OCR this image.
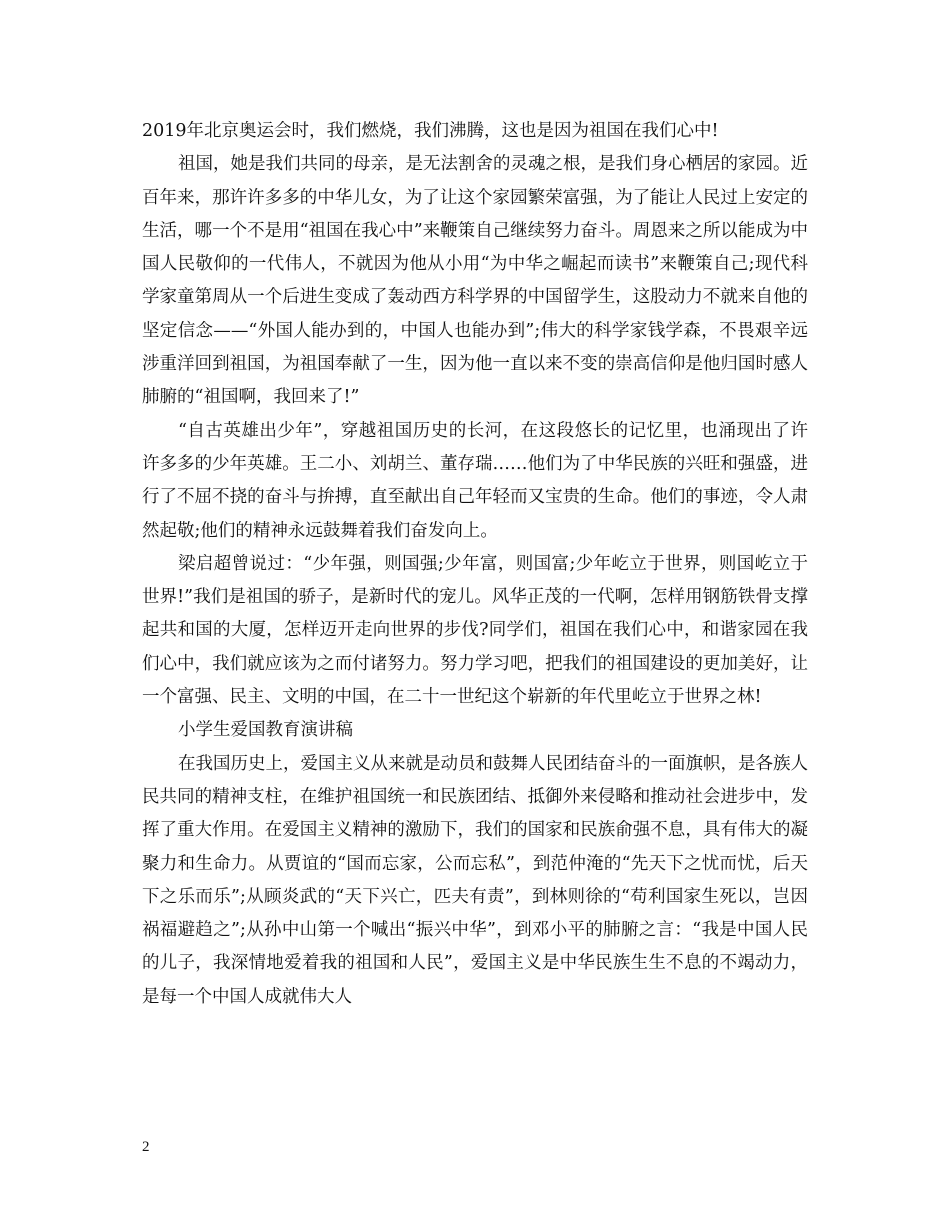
2019年北京奥运会时，我们燃烧，我们沸腾，这也是因为祖国在我们心中!

祖国，她是我们共同的母亲，是无法割舍的灵魂之根，是我们身心栖居的家园。近百年来，那许许多多的中华儿女，为了让这个家园繁荣富强，为了能让人民过上安定的生活，哪一个不是用“祖国在我心中”来鞭策自己继续努力奋斗。周恩来之所以能成为中国人民敬仰的一代伟人，不就因为他从小用“为中华之崛起而读书”来鞭策自己;现代科学家童第周从一个后进生变成了轰动西方科学界的中国留学生，这股动力不就来自他的坚定信念——“外国人能办到的，中国人也能办到”;伟大的科学家钱学森，不畏艰辛远涉重洋回到祖国，为祖国奉献了一生，因为他一直以来不变的崇高信仰是他归国时感人肺腑的“祖国啊，我回来了!”

“自古英雄出少年”，穿越祖国历史的长河，在这段悠长的记忆里，也涌现出了许许多多的少年英雄。王二小、刘胡兰、董存瑞……他们为了中华民族的兴旺和强盛，进行了不屈不挠的奋斗与拚搏，直至献出自己年轻而又宝贵的生命。他们的事迹，令人肃然起敬;他们的精神永远鼓舞着我们奋发向上。

梁启超曾说过：“少年强，则国强;少年富，则国富;少年屹立于世界，则国屹立于世界!”我们是祖国的骄子，是新时代的宠儿。风华正茂的一代啊，怎样用钢筋铁骨支撑起共和国的大厦，怎样迈开走向世界的步伐?同学们，祖国在我们心中，和谐家园在我们心中，我们就应该为之而付诸努力。努力学习吧，把我们的祖国建设的更加美好，让一个富强、民主、文明的中国，在二十一世纪这个崭新的年代里屹立于世界之林!

小学生爱国教育演讲稿

在我国历史上，爱国主义从来就是动员和鼓舞人民团结奋斗的一面旗帜，是各族人民共同的精神支柱，在维护祖国统一和民族团结、抵御外来侵略和推动社会进步中，发挥了重大作用。在爱国主义精神的激励下，我们的国家和民族俞强不息，具有伟大的凝聚力和生命力。从贾谊的“国而忘家，公而忘私”，到范仲淹的“先天下之忧而忧，后天下之乐而乐”;从顾炎武的“天下兴亡，匹夫有责”，到林则徐的“苟利国家生死以，岂因祸福避趋之”;从孙中山第一个喊出“振兴中华”，到邓小平的肺腑之言：“我是中国人民的儿子，我深情地爱着我的祖国和人民”，爱国主义是中华民族生生不息的不竭动力，是每一个中国人成就伟大人

2
